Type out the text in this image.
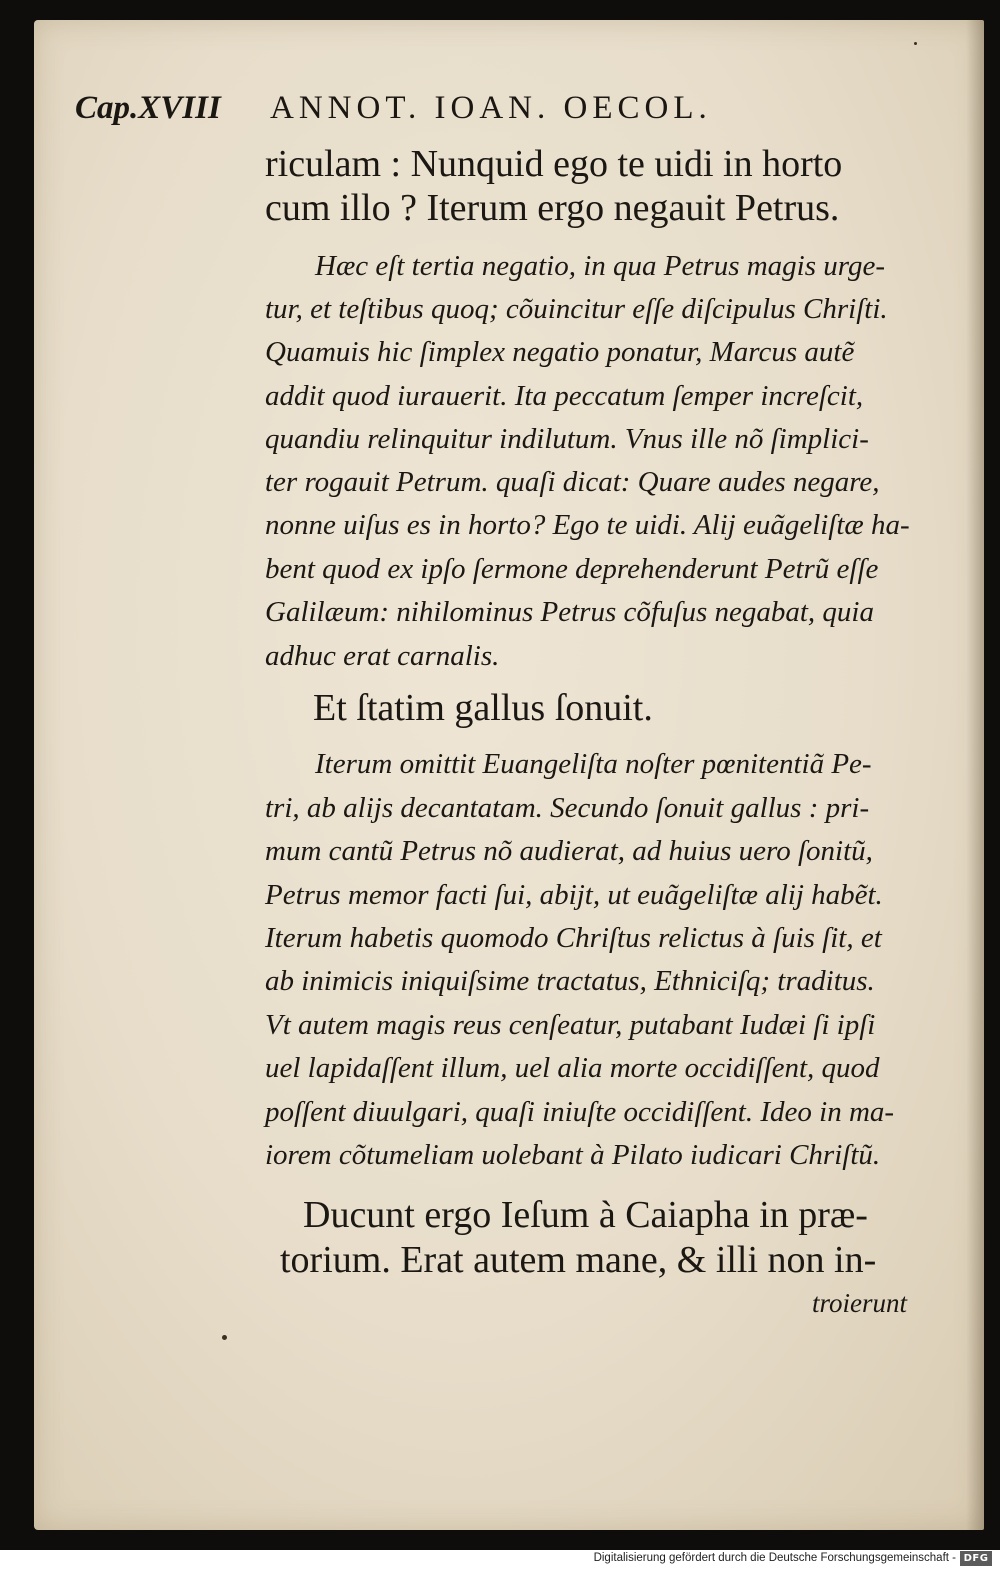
Cap.XVIII ANNOT. IOAN. OECOL.
riculam : Nunquid ego te uidi in horto
cum illo ? Iterum ergo negauit Petrus.
Hæc eſt tertia negatio, in qua Petrus magis urge-
tur, et teſtibus quoq; cõuincitur eſſe diſcipulus Chriſti.
Quamuis hic ſimplex negatio ponatur, Marcus autẽ
addit quod iurauerit. Ita peccatum ſemper increſcit,
quandiu relinquitur indilutum. Vnus ille nõ ſimplici-
ter rogauit Petrum. quaſi dicat: Quare audes negare,
nonne uiſus es in horto? Ego te uidi. Alij euãgeliſtæ ha-
bent quod ex ipſo ſermone deprehenderunt Petrũ eſſe
Galilæum: nihilominus Petrus cõfuſus negabat, quia
adhuc erat carnalis.
Et ſtatim gallus ſonuit.
Iterum omittit Euangeliſta noſter pœnitentiã Pe-
tri, ab alijs decantatam. Secundo ſonuit gallus : pri-
mum cantũ Petrus nõ audierat, ad huius uero ſonitũ,
Petrus memor facti ſui, abijt, ut euãgeliſtæ alij habẽt.
Iterum habetis quomodo Chriſtus relictus à ſuis ſit, et
ab inimicis iniquiſsime tractatus, Ethniciſq; traditus.
Vt autem magis reus cenſeatur, putabant Iudæi ſi ipſi
uel lapidaſſent illum, uel alia morte occidiſſent, quod
poſſent diuulgari, quaſi iniuſte occidiſſent. Ideo in ma-
iorem cõtumeliam uolebant à Pilato iudicari Chriſtũ.
Ducunt ergo Ieſum à Caiapha in præ-
torium. Erat autem mane, & illi non in-
troierunt
Digitalisierung gefördert durch die Deutsche Forschungsgemeinschaft - DFG
